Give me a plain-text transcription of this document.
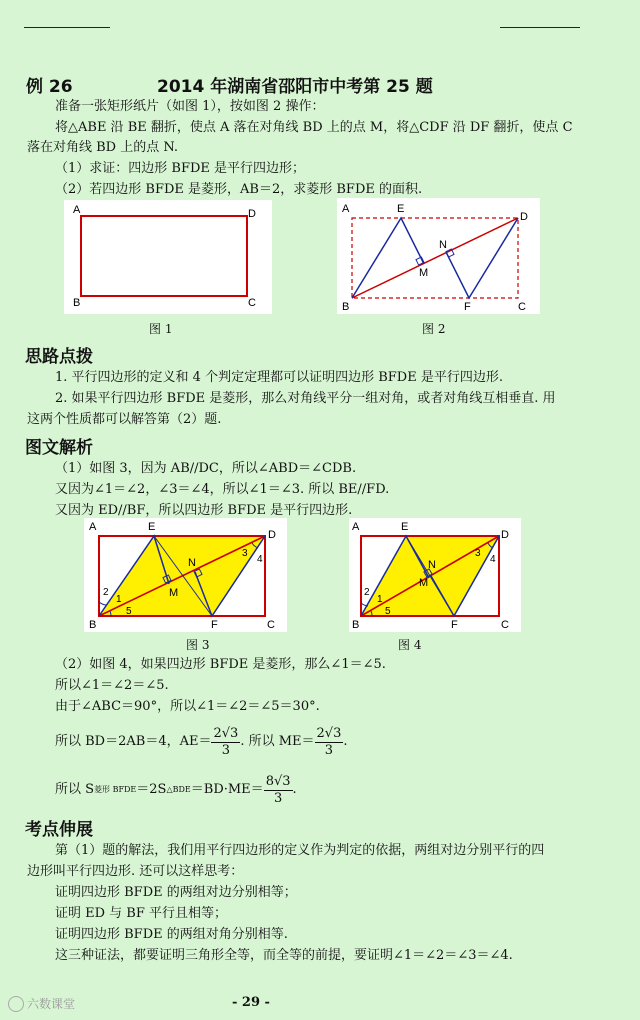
例 26	2014 年湖南省邵阳市中考第 25 题
准备一张矩形纸片（如图 1），按如图 2 操作：
将△ABE 沿 BE 翻折，使点 A 落在对角线 BD 上的点 M，将△CDF 沿 DF 翻折，使点 C
落在对角线 BD 上的点 N.
（1）求证：四边形 BFDE 是平行四边形；
（2）若四边形 BFDE 是菱形，AB＝2，求菱形 BFDE 的面积.
A
B	C
D
图 1
A	E
D
B	F	C
M
N
图 2
思路点拨
1. 平行四边形的定义和 4 个判定定理都可以证明四边形 BFDE 是平行四边形.
2. 如果平行四边形 BFDE 是菱形，那么对角线平分一组对角，或者对角线互相垂直. 用
这两个性质都可以解答第（2）题.
图文解析
（1）如图 3，因为 AB//DC，所以∠ABD＝∠CDB.
又因为∠1＝∠2，∠3＝∠4，所以∠1＝∠3. 所以 BE//FD.
又因为 ED//BF，所以四边形 BFDE 是平行四边形.
A	E
D
B	F	C
M
N
1
2
3
4
5
图 3
A	E
D
B	F	C
M
N
1
2
3
4
5
图 4
（2）如图 4，如果四边形 BFDE 是菱形，那么∠1＝∠5.
所以∠1＝∠2＝∠5.
由于∠ABC＝90°，所以∠1＝∠2＝∠5＝30°.
所以 BD＝2AB＝4，$AE= \frac{2√3}{3}$ . 所以 $ME= \frac{2√3}{3}$ .
所以 S 菱形 BFDE ＝2S △BDE $=BD\cdot ME= \frac{8√3}{3}$ .
考点伸展
第（1）题的解法，我们用平行四边形的定义作为判定的依据，两组对边分别平行的四
边形叫平行四边形. 还可以这样思考：
证明四边形 BFDE 的两组对边分别相等；
证明 ED 与 BF 平行且相等；
证明四边形 BFDE 的两组对角分别相等.
这三种证法，都要证明三角形全等，而全等的前提，要证明∠1＝∠2＝∠3＝∠4.
- 29 -
六数课堂
